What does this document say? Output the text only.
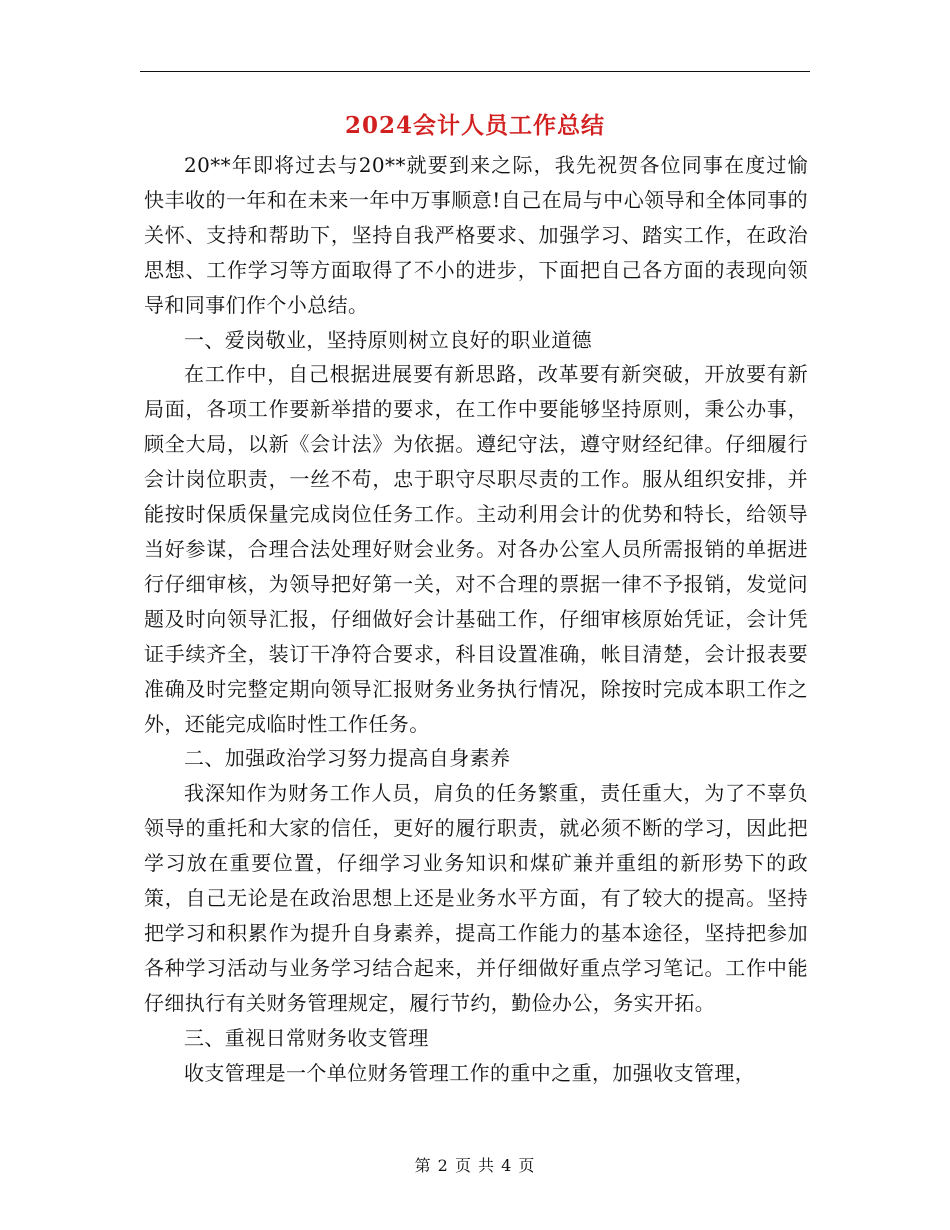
2024会计人员工作总结

20**年即将过去与20**就要到来之际，我先祝贺各位同事在度过愉快丰收的一年和在未来一年中万事顺意!自己在局与中心领导和全体同事的关怀、支持和帮助下，坚持自我严格要求、加强学习、踏实工作，在政治思想、工作学习等方面取得了不小的进步，下面把自己各方面的表现向领导和同事们作个小总结。

一、爱岗敬业，坚持原则树立良好的职业道德

在工作中，自己根据进展要有新思路，改革要有新突破，开放要有新局面，各项工作要新举措的要求，在工作中要能够坚持原则，秉公办事，顾全大局，以新《会计法》为依据。遵纪守法，遵守财经纪律。仔细履行会计岗位职责，一丝不苟，忠于职守尽职尽责的工作。服从组织安排，并能按时保质保量完成岗位任务工作。主动利用会计的优势和特长，给领导当好参谋，合理合法处理好财会业务。对各办公室人员所需报销的单据进行仔细审核，为领导把好第一关，对不合理的票据一律不予报销，发觉问题及时向领导汇报，仔细做好会计基础工作，仔细审核原始凭证，会计凭证手续齐全，装订干净符合要求，科目设置准确，帐目清楚，会计报表要准确及时完整定期向领导汇报财务业务执行情况，除按时完成本职工作之外，还能完成临时性工作任务。

二、加强政治学习努力提高自身素养

我深知作为财务工作人员，肩负的任务繁重，责任重大，为了不辜负领导的重托和大家的信任，更好的履行职责，就必须不断的学习，因此把学习放在重要位置，仔细学习业务知识和煤矿兼并重组的新形势下的政策，自己无论是在政治思想上还是业务水平方面，有了较大的提高。坚持把学习和积累作为提升自身素养，提高工作能力的基本途径，坚持把参加各种学习活动与业务学习结合起来，并仔细做好重点学习笔记。工作中能仔细执行有关财务管理规定，履行节约，勤俭办公，务实开拓。

三、重视日常财务收支管理

收支管理是一个单位财务管理工作的重中之重，加强收支管理，

第 2 页 共 4 页
